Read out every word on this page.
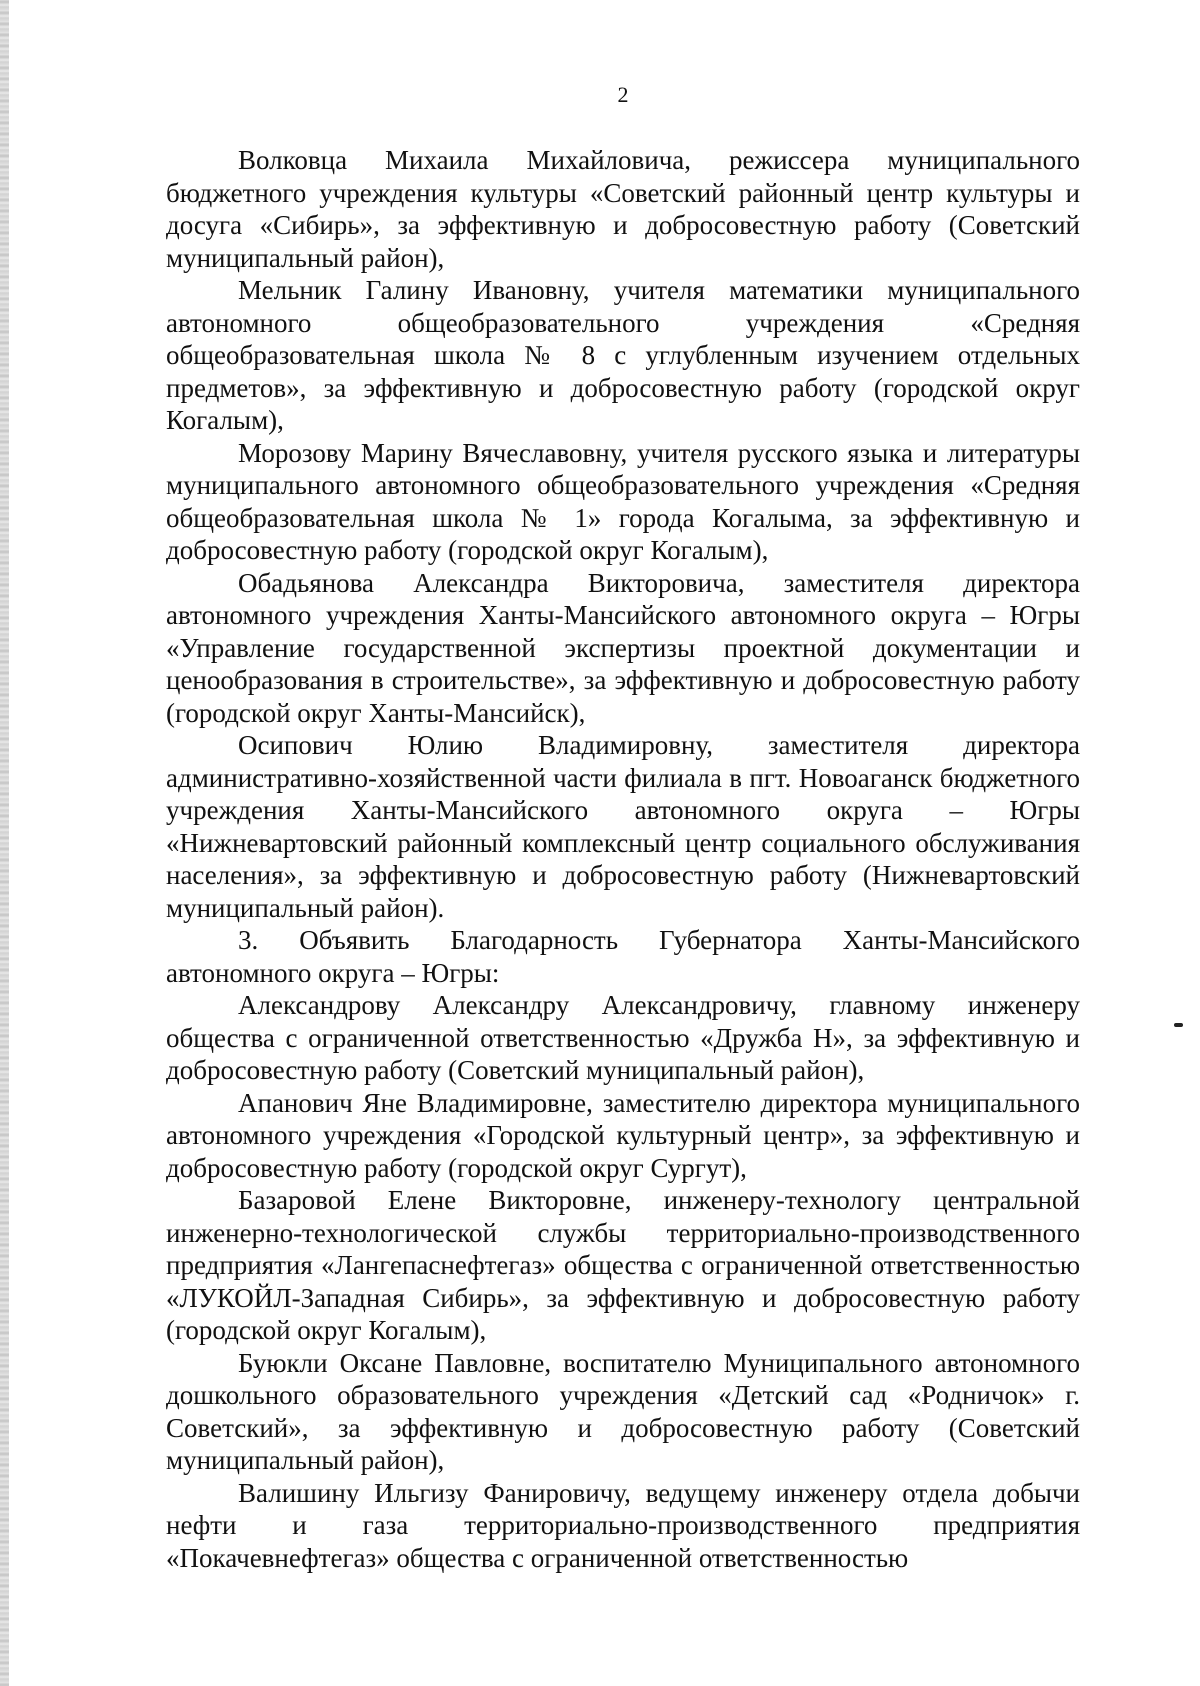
2

Волковца Михаила Михайловича, режиссера муниципального бюджетного учреждения культуры «Советский районный центр культуры и досуга «Сибирь», за эффективную и добросовестную работу (Советский муниципальный район),

Мельник Галину Ивановну, учителя математики муниципального автономного общеобразовательного учреждения «Средняя общеобразовательная школа № 8 с углубленным изучением отдельных предметов», за эффективную и добросовестную работу (городской округ Когалым),

Морозову Марину Вячеславовну, учителя русского языка и литературы муниципального автономного общеобразовательного учреждения «Средняя общеобразовательная школа № 1» города Когалыма, за эффективную и добросовестную работу (городской округ Когалым),

Обадьянова Александра Викторовича, заместителя директора автономного учреждения Ханты-Мансийского автономного округа – Югры «Управление государственной экспертизы проектной документации и ценообразования в строительстве», за эффективную и добросовестную работу (городской округ Ханты-Мансийск),

Осипович Юлию Владимировну, заместителя директора административно-хозяйственной части филиала в пгт. Новоаганск бюджетного учреждения Ханты-Мансийского автономного округа – Югры «Нижневартовский районный комплексный центр социального обслуживания населения», за эффективную и добросовестную работу (Нижневартовский муниципальный район).

3. Объявить Благодарность Губернатора Ханты-Мансийского автономного округа – Югры:

Александрову Александру Александровичу, главному инженеру общества с ограниченной ответственностью «Дружба Н», за эффективную и добросовестную работу (Советский муниципальный район),

Апанович Яне Владимировне, заместителю директора муниципального автономного учреждения «Городской культурный центр», за эффективную и добросовестную работу (городской округ Сургут),

Базаровой Елене Викторовне, инженеру-технологу центральной инженерно-технологической службы территориально-производственного предприятия «Лангепаснефтегаз» общества с ограниченной ответственностью «ЛУКОЙЛ-Западная Сибирь», за эффективную и добросовестную работу (городской округ Когалым),

Буюкли Оксане Павловне, воспитателю Муниципального автономного дошкольного образовательного учреждения «Детский сад «Родничок» г. Советский», за эффективную и добросовестную работу (Советский муниципальный район),

Валишину Ильгизу Фанировичу, ведущему инженеру отдела добычи нефти и газа территориально-производственного предприятия «Покачевнефтегаз» общества с ограниченной ответственностью
